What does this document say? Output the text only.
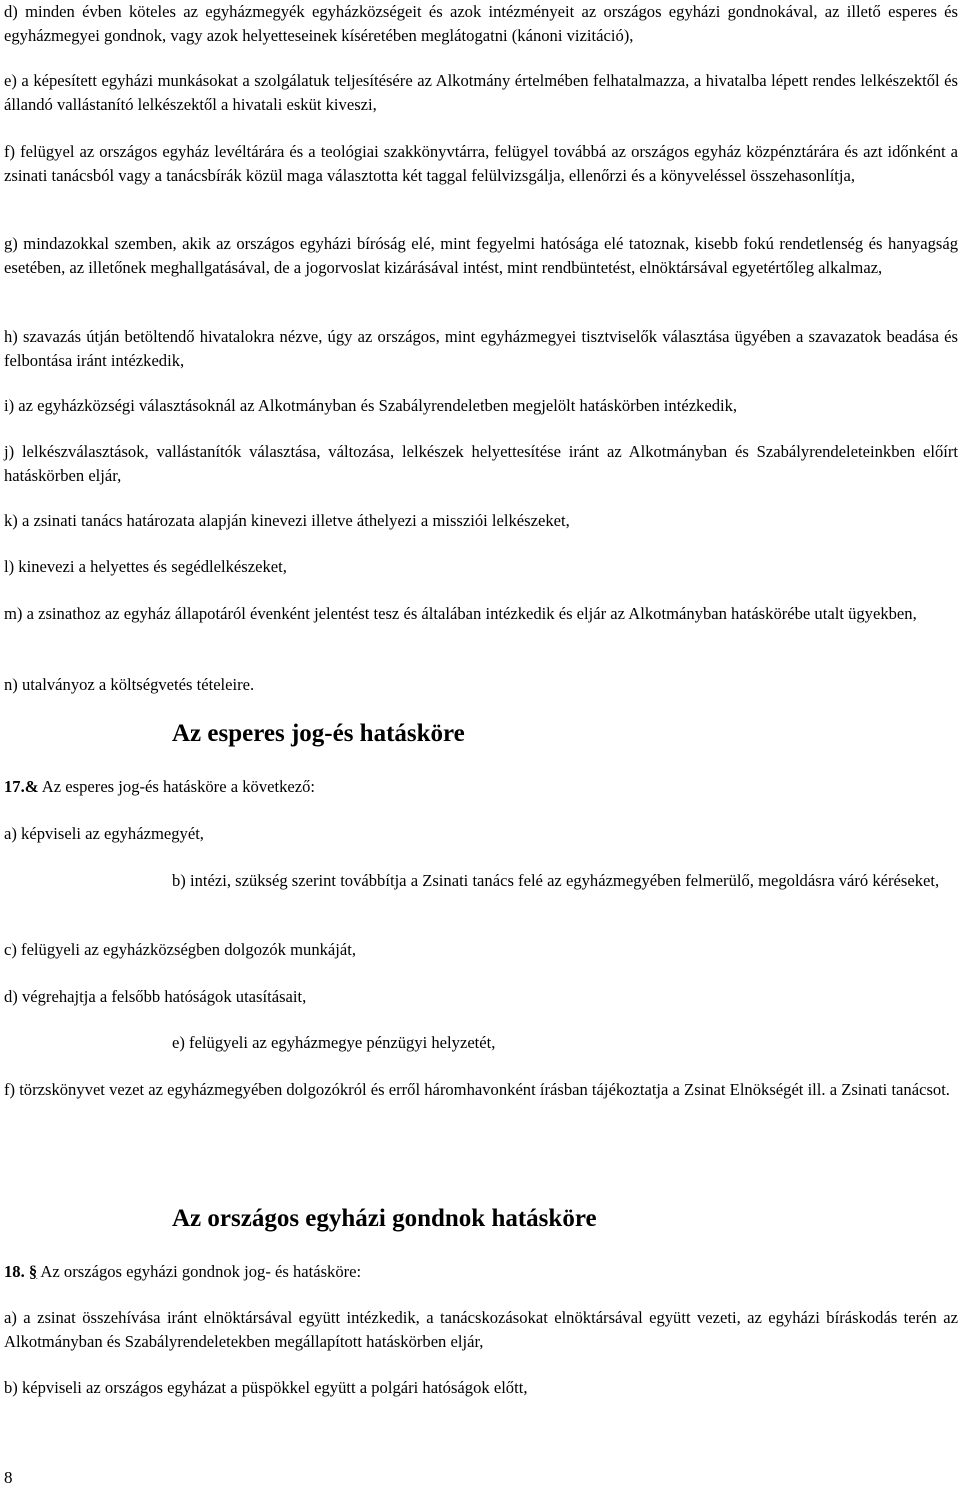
d) minden évben köteles az egyházmegyék egyházközségeit és azok intézményeit az országos egyházi gondnokával, az illető esperes és egyházmegyei gondnok, vagy azok helyetteseinek kíséretében meglátogatni (kánoni vizitáció),

e) a képesített egyházi munkásokat a szolgálatuk teljesítésére az Alkotmány értelmében felhatalmazza, a hivatalba lépett rendes lelkészektől és állandó vallástanító lelkészektől a hivatali esküt kiveszi,

f) felügyel az országos egyház levéltárára és a teológiai szakkönyvtárra, felügyel továbbá az országos egyház közpénztárára és azt időnként a zsinati tanácsból vagy a tanácsbírák közül maga választotta két taggal felülvizsgálja, ellenőrzi és a könyveléssel összehasonlítja,

g) mindazokkal szemben, akik az országos egyházi bíróság elé, mint fegyelmi hatósága elé tatoznak, kisebb fokú rendetlenség és hanyagság esetében, az illetőnek meghallgatásával, de a jogorvoslat kizárásával intést, mint rendbüntetést, elnöktársával egyetértőleg alkalmaz,

h) szavazás útján betöltendő hivatalokra nézve, úgy az országos, mint egyházmegyei tisztviselők választása ügyében a szavazatok beadása és felbontása iránt intézkedik,

i) az egyházközségi választásoknál az Alkotmányban és Szabályrendeletben megjelölt hatáskörben intézkedik,

j) lelkészválasztások, vallástanítók választása, változása, lelkészek helyettesítése iránt az Alkotmányban és Szabályrendeleteinkben előírt hatáskörben eljár,

k) a zsinati tanács határozata alapján kinevezi illetve áthelyezi a missziói lelkészeket,

l) kinevezi a helyettes és segédlelkészeket,

m) a zsinathoz az egyház állapotáról évenként jelentést tesz és általában intézkedik és eljár az Alkotmányban hatáskörébe utalt ügyekben,

n) utalványoz a költségvetés tételeire.

Az esperes jog-és hatásköre

17.& Az esperes jog-és hatásköre a következő:

a) képviseli az egyházmegyét,

b) intézi, szükség szerint továbbítja a Zsinati tanács felé az egyházmegyében felmerülő, megoldásra váró kéréseket,

c) felügyeli az egyházközségben dolgozók munkáját,

d) végrehajtja a felsőbb hatóságok utasításait,

e) felügyeli az egyházmegye pénzügyi helyzetét,

f) törzskönyvet vezet az egyházmegyében dolgozókról és erről háromhavonként írásban tájékoztatja a Zsinat Elnökségét ill. a Zsinati tanácsot.

Az országos egyházi gondnok hatásköre

18. § Az országos egyházi gondnok jog- és hatásköre:

a) a zsinat összehívása iránt elnöktársával együtt intézkedik, a tanácskozásokat elnöktársával együtt vezeti, az egyházi bíráskodás terén az Alkotmányban és Szabályrendeletekben megállapított hatáskörben eljár,

b) képviseli az országos egyházat a püspökkel együtt a polgári hatóságok előtt,

8
